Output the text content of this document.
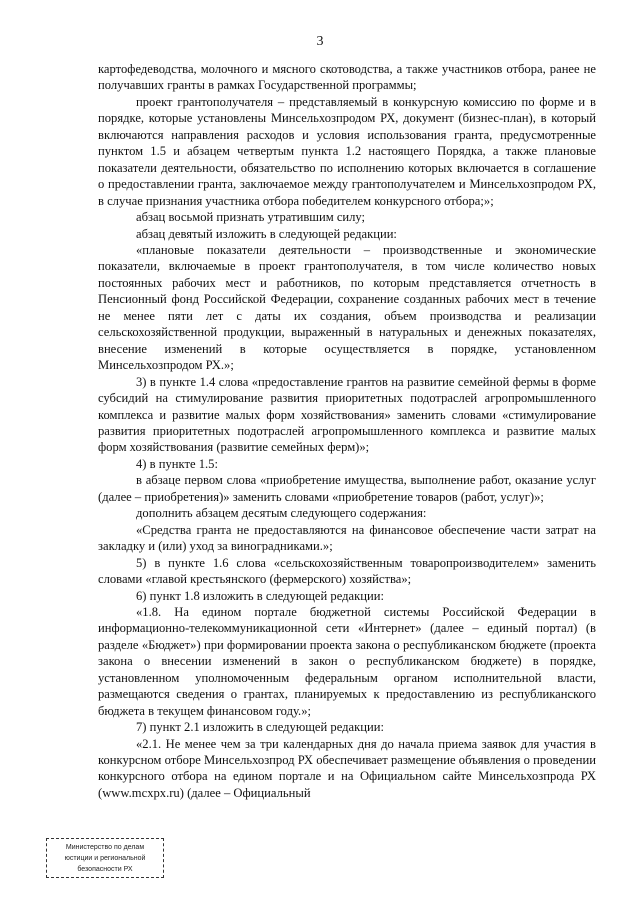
3

картофедеводства, молочного и мясного скотоводства, а также участников отбора, ранее не получавших гранты в рамках Государственной программы;

проект грантополучателя – представляемый в конкурсную комиссию по форме и в порядке, которые установлены Минсельхозпродом РХ, документ (бизнес-план), в который включаются направления расходов и условия использования гранта, предусмотренные пунктом 1.5 и абзацем четвертым пункта 1.2 настоящего Порядка, а также плановые показатели деятельности, обязательство по исполнению которых включается в соглашение о предоставлении гранта, заключаемое между грантополучателем и Минсельхозпродом РХ, в случае признания участника отбора победителем конкурсного отбора;»;

абзац восьмой признать утратившим силу;

абзац девятый изложить в следующей редакции:

«плановые показатели деятельности – производственные и экономические показатели, включаемые в проект грантополучателя, в том числе количество новых постоянных рабочих мест и работников, по которым представляется отчетность в Пенсионный фонд Российской Федерации, сохранение созданных рабочих мест в течение не менее пяти лет с даты их создания, объем производства и реализации сельскохозяйственной продукции, выраженный в натуральных и денежных показателях, внесение изменений в которые осуществляется в порядке, установленном Минсельхозпродом РХ.»;

3) в пункте 1.4 слова «предоставление грантов на развитие семейной фермы в форме субсидий на стимулирование развития приоритетных подотраслей агропромышленного комплекса и развитие малых форм хозяйствования» заменить словами «стимулирование развития приоритетных подотраслей агропромышленного комплекса и развитие малых форм хозяйствования (развитие семейных ферм)»;

4) в пункте 1.5:

в абзаце первом слова «приобретение имущества, выполнение работ, оказание услуг (далее – приобретения)» заменить словами «приобретение товаров (работ, услуг)»;

дополнить абзацем десятым следующего содержания:

«Средства гранта не предоставляются на финансовое обеспечение части затрат на закладку и (или) уход за виноградниками.»;

5) в пункте 1.6 слова «сельскохозяйственным товаропроизводителем» заменить словами «главой крестьянского (фермерского) хозяйства»;

6) пункт 1.8 изложить в следующей редакции:

«1.8. На едином портале бюджетной системы Российской Федерации в информационно-телекоммуникационной сети «Интернет» (далее – единый портал) (в разделе «Бюджет») при формировании проекта закона о республиканском бюджете (проекта закона о внесении изменений в закон о республиканском бюджете) в порядке, установленном уполномоченным федеральным органом исполнительной власти, размещаются сведения о грантах, планируемых к предоставлению из республиканского бюджета в текущем финансовом году.»;

7) пункт 2.1 изложить в следующей редакции:

«2.1. Не менее чем за три календарных дня до начала приема заявок для участия в конкурсном отборе Минсельхозпрод РХ обеспечивает размещение объявления о проведении конкурсного отбора на едином портале и на Официальном сайте Минсельхозпрода РХ (www.mcxpx.ru) (далее – Официальный

Министерство по делам
юстиции и региональной
безопасности РХ
